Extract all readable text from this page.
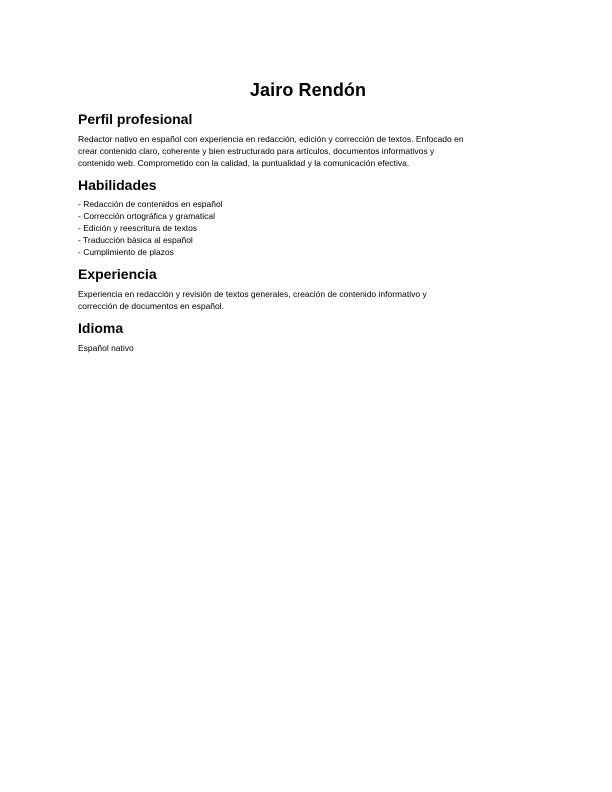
Jairo Rendón
Perfil profesional

Redactor nativo en español con experiencia en redacción, edición y corrección de textos. Enfocado en
crear contenido claro, coherente y bien estructurado para artículos, documentos informativos y
contenido web. Comprometido con la calidad, la puntualidad y la comunicación efectiva.

Habilidades
- Redacción de contenidos en español
- Corrección ortográfica y gramatical
- Edición y reescritura de textos
- Traducción básica al español
- Cumplimiento de plazos
Experiencia

Experiencia en redacción y revisión de textos generales, creación de contenido informativo y
corrección de documentos en español.

Idioma

Español nativo
